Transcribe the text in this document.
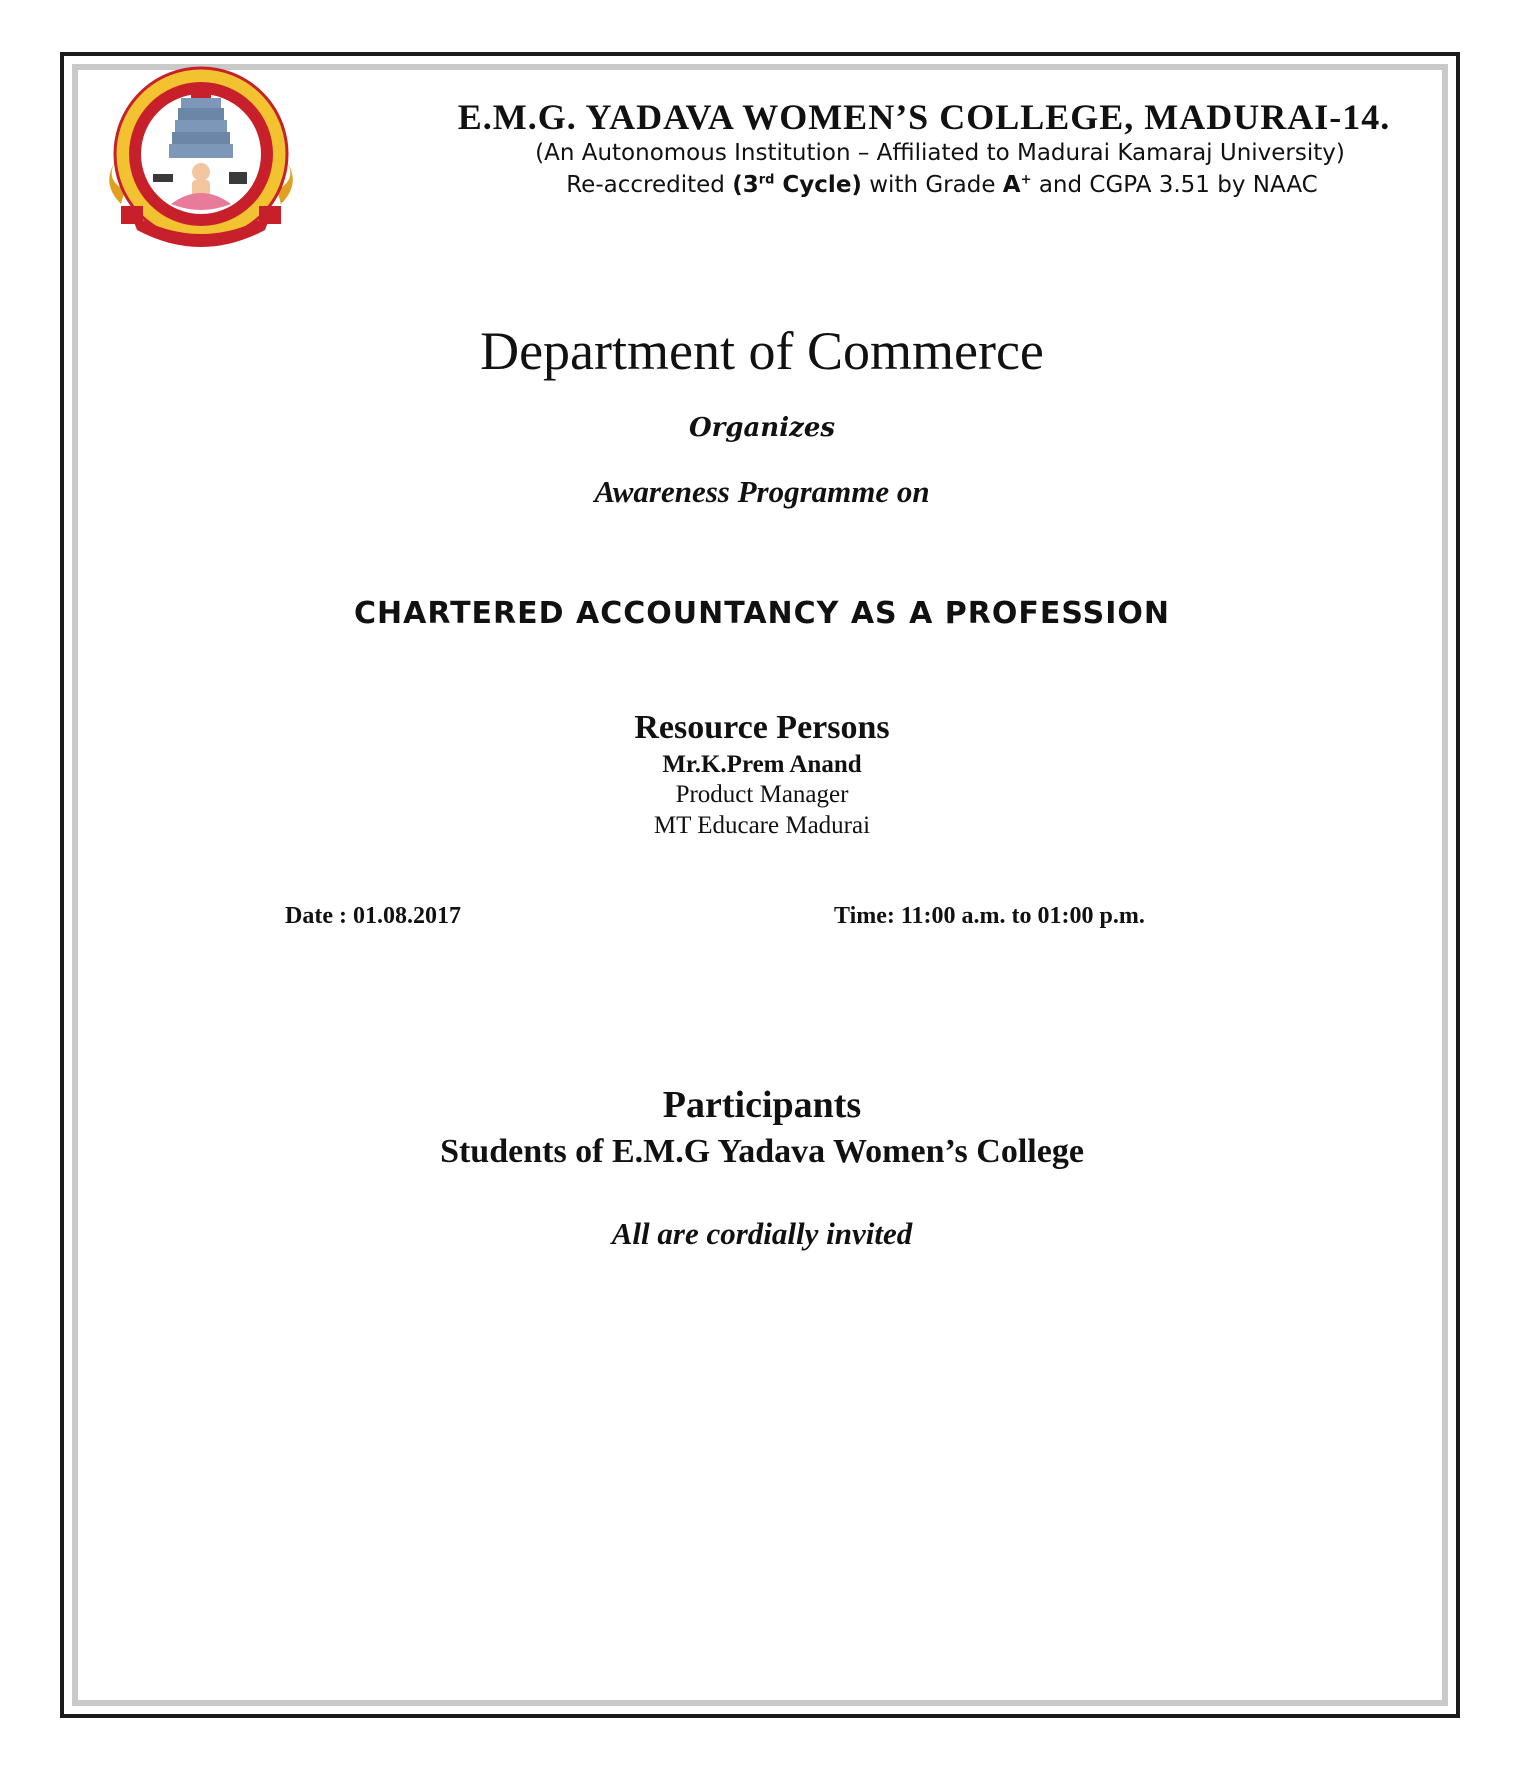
E.M.G. YADAVA WOMEN’S COLLEGE, MADURAI-14.
(An Autonomous Institution – Affiliated to Madurai Kamaraj University)
Re-accredited (3rd Cycle) with Grade A+ and CGPA 3.51 by NAAC
Department of Commerce
Organizes
Awareness Programme on
CHARTERED ACCOUNTANCY AS A PROFESSION
Resource Persons
Mr.K.Prem Anand
Product Manager
MT Educare Madurai
Date : 01.08.2017	Time: 11:00 a.m. to 01:00 p.m.
Participants
Students of E.M.G Yadava Women’s College
All are cordially invited
